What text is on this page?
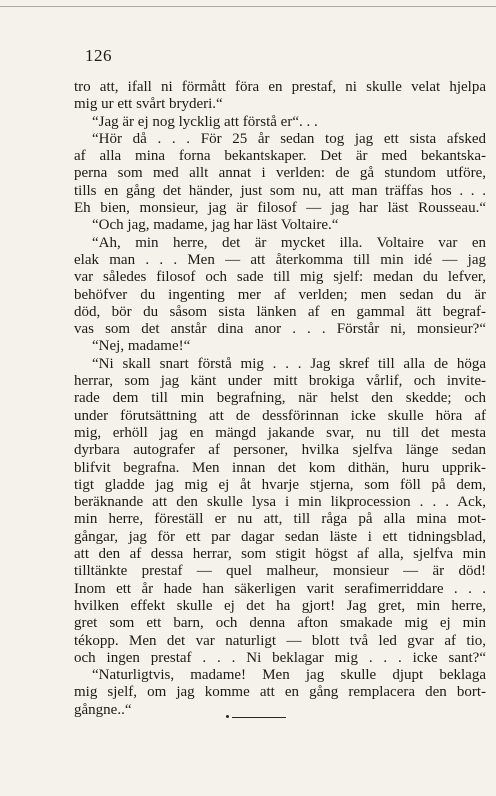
126
tro att, ifall ni förmått föra en prestaf, ni skulle velat hjelpa
mig ur ett svårt bryderi.“
“Jag är ej nog lycklig att förstå er“. . .
“Hör då . . . För 25 år sedan tog jag ett sista afsked
af alla mina forna bekantskaper. Det är med bekantska-
perna som med allt annat i verlden: de gå stundom utföre,
tills en gång det händer, just som nu, att man träffas hos . . .
Eh bien, monsieur, jag är filosof — jag har läst Rousseau.“
“Och jag, madame, jag har läst Voltaire.“
“Ah, min herre, det är mycket illa. Voltaire var en
elak man . . . Men — att återkomma till min idé — jag
var således filosof och sade till mig sjelf: medan du lefver,
behöfver du ingenting mer af verlden; men sedan du är
död, bör du såsom sista länken af en gammal ätt begraf-
vas som det anstår dina anor . . . Förstår ni, monsieur?“
“Nej, madame!“
“Ni skall snart förstå mig . . . Jag skref till alla de höga
herrar, som jag känt under mitt brokiga vårlif, och invite-
rade dem till min begrafning, när helst den skedde; och
under förutsättning att de dessförinnan icke skulle höra af
mig, erhöll jag en mängd jakande svar, nu till det mesta
dyrbara autografer af personer, hvilka sjelfva länge sedan
blifvit begrafna. Men innan det kom dithän, huru upprik-
tigt gladde jag mig ej åt hvarje stjerna, som föll på dem,
beräknande att den skulle lysa i min likprocession . . . Ack,
min herre, föreställ er nu att, till råga på alla mina mot-
gångar, jag för ett par dagar sedan läste i ett tidningsblad,
att den af dessa herrar, som stigit högst af alla, sjelfva min
tilltänkte prestaf — quel malheur, monsieur — är död!
Inom ett år hade han säkerligen varit serafimerriddare . . .
hvilken effekt skulle ej det ha gjort! Jag gret, min herre,
gret som ett barn, och denna afton smakade mig ej min
tékopp. Men det var naturligt — blott två led gvar af tio,
och ingen prestaf . . . Ni beklagar mig . . . icke sant?“
“Naturligtvis, madame! Men jag skulle djupt beklaga
mig sjelf, om jag komme att en gång remplacera den bort-
gångne..“
